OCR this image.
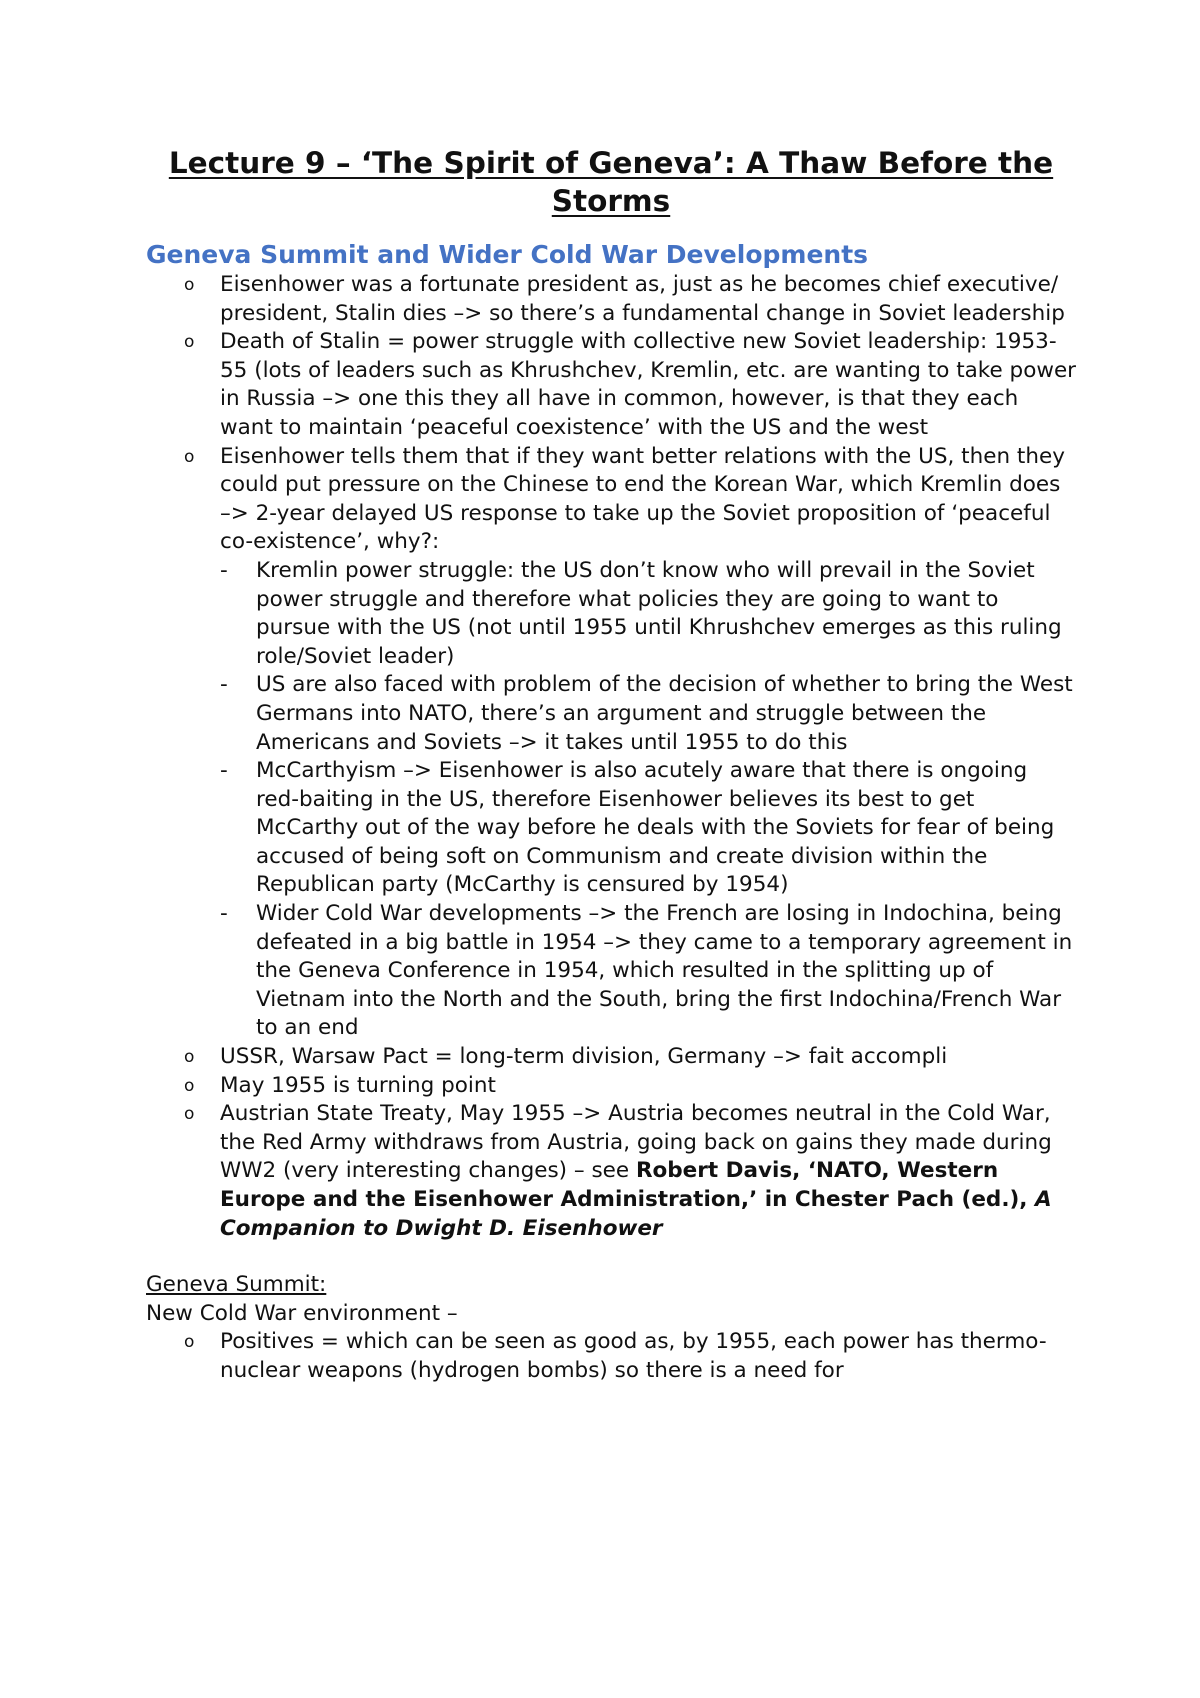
Lecture 9 – ‘The Spirit of Geneva’: A Thaw Before the Storms
Geneva Summit and Wider Cold War Developments
o Eisenhower was a fortunate president as, just as he becomes chief executive/ president, Stalin dies –> so there’s a fundamental change in Soviet leadership
o Death of Stalin = power struggle with collective new Soviet leadership: 1953-55 (lots of leaders such as Khrushchev, Kremlin, etc. are wanting to take power in Russia –> one this they all have in common, however, is that they each want to maintain ‘peaceful coexistence’ with the US and the west
o Eisenhower tells them that if they want better relations with the US, then they could put pressure on the Chinese to end the Korean War, which Kremlin does –> 2-year delayed US response to take up the Soviet proposition of ‘peaceful co-existence’, why?:
- Kremlin power struggle: the US don’t know who will prevail in the Soviet power struggle and therefore what policies they are going to want to pursue with the US (not until 1955 until Khrushchev emerges as this ruling role/Soviet leader)
- US are also faced with problem of the decision of whether to bring the West Germans into NATO, there’s an argument and struggle between the Americans and Soviets –> it takes until 1955 to do this
- McCarthyism –> Eisenhower is also acutely aware that there is ongoing red-baiting in the US, therefore Eisenhower believes its best to get McCarthy out of the way before he deals with the Soviets for fear of being accused of being soft on Communism and create division within the Republican party (McCarthy is censured by 1954)
- Wider Cold War developments –> the French are losing in Indochina, being defeated in a big battle in 1954 –> they came to a temporary agreement in the Geneva Conference in 1954, which resulted in the splitting up of Vietnam into the North and the South, bring the first Indochina/French War to an end
o USSR, Warsaw Pact = long-term division, Germany –> fait accompli
o May 1955 is turning point
o Austrian State Treaty, May 1955 –> Austria becomes neutral in the Cold War, the Red Army withdraws from Austria, going back on gains they made during WW2 (very interesting changes) – see Robert Davis, ‘NATO, Western Europe and the Eisenhower Administration,’ in Chester Pach (ed.), A Companion to Dwight D. Eisenhower
Geneva Summit:
New Cold War environment –
o Positives = which can be seen as good as, by 1955, each power has thermo-nuclear weapons (hydrogen bombs) so there is a need for
